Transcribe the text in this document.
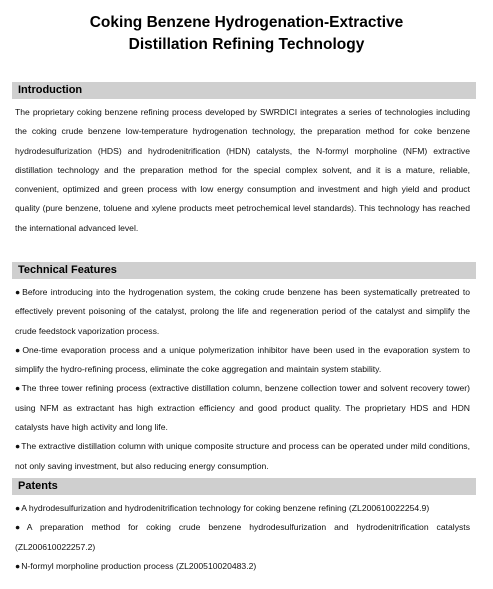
Coking Benzene Hydrogenation-Extractive
Distillation Refining Technology
Introduction
The proprietary coking benzene refining process developed by SWRDICI integrates a series of technologies including the coking crude benzene low-temperature hydrogenation technology, the preparation method for coke benzene hydrodesulfurization (HDS) and hydrodenitrification (HDN) catalysts, the N-formyl morpholine (NFM) extractive distillation technology and the preparation method for the special complex solvent, and it is a mature, reliable, convenient, optimized and green process with low energy consumption and investment and high yield and product quality (pure benzene, toluene and xylene products meet petrochemical level standards). This technology has reached the international advanced level.
Technical Features
●Before introducing into the hydrogenation system, the coking crude benzene has been systematically pretreated to effectively prevent poisoning of the catalyst, prolong the life and regeneration period of the catalyst and simplify the crude feedstock vaporization process.
●One-time evaporation process and a unique polymerization inhibitor have been used in the evaporation system to simplify the hydro-refining process, eliminate the coke aggregation and maintain system stability.
●The three tower refining process (extractive distillation column, benzene collection tower and solvent recovery tower) using NFM as extractant has high extraction efficiency and good product quality. The proprietary HDS and HDN catalysts have high activity and long life.
●The extractive distillation column with unique composite structure and process can be operated under mild conditions, not only saving investment, but also reducing energy consumption.
Patents
●A hydrodesulfurization and hydrodenitrification technology for coking benzene refining (ZL200610022254.9)
●A preparation method for coking crude benzene hydrodesulfurization and hydrodenitrification catalysts (ZL200610022257.2)
●N-formyl morpholine production process (ZL200510020483.2)
